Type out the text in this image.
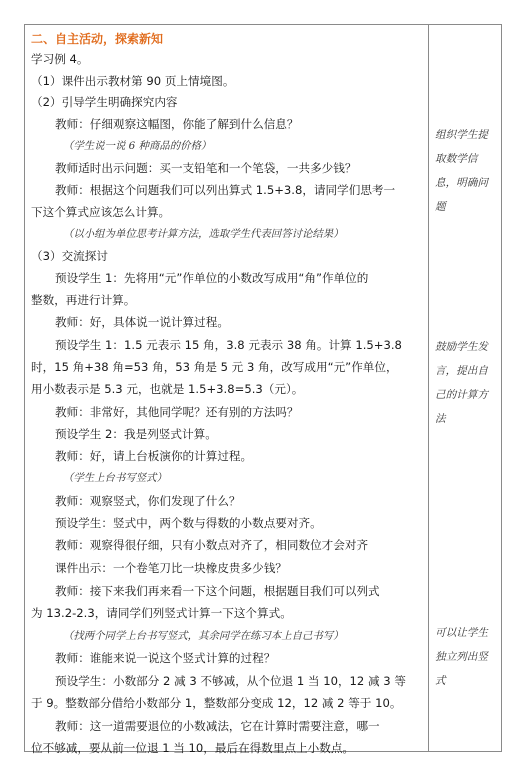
二、自主活动，探索新知
学习例 4。
（1）课件出示教材第 90 页上情境图。
（2）引导学生明确探究内容
教师：仔细观察这幅图，你能了解到什么信息？
（学生说一说 6 种商品的价格）
教师适时出示问题：买一支铅笔和一个笔袋，一共多少钱？
教师：根据这个问题我们可以列出算式 1.5+3.8，请同学们思考一
下这个算式应该怎么计算。
（以小组为单位思考计算方法，选取学生代表回答讨论结果）
（3）交流探讨
预设学生 1：先将用“元”作单位的小数改写成用“角”作单位的
整数，再进行计算。
教师：好，具体说一说计算过程。
预设学生 1：1.5 元表示 15 角，3.8 元表示 38 角。计算 1.5+3.8
时，15 角+38 角=53 角，53 角是 5 元 3 角，改写成用“元”作单位，
用小数表示是 5.3 元，也就是 1.5+3.8=5.3（元）。
教师：非常好，其他同学呢？还有别的方法吗？
预设学生 2：我是列竖式计算。
教师：好，请上台板演你的计算过程。
（学生上台书写竖式）
教师：观察竖式，你们发现了什么？
预设学生：竖式中，两个数与得数的小数点要对齐。
教师：观察得很仔细，只有小数点对齐了，相同数位才会对齐
课件出示：一个卷笔刀比一块橡皮贵多少钱？
教师：接下来我们再来看一下这个问题，根据题目我们可以列式
为 13.2-2.3，请同学们列竖式计算一下这个算式。
（找两个同学上台书写竖式，其余同学在练习本上自己书写）
教师：谁能来说一说这个竖式计算的过程？
预设学生：小数部分 2 减 3 不够减，从个位退 1 当 10，12 减 3 等
于 9。整数部分借给小数部分 1，整数部分变成 12，12 减 2 等于 10。
教师：这一道需要退位的小数减法，它在计算时需要注意，哪一
位不够减，要从前一位退 1 当 10，最后在得数里点上小数点。
组织学生提取数学信息，明确问题
鼓励学生发言，提出自己的计算方法
可以让学生独立列出竖式
